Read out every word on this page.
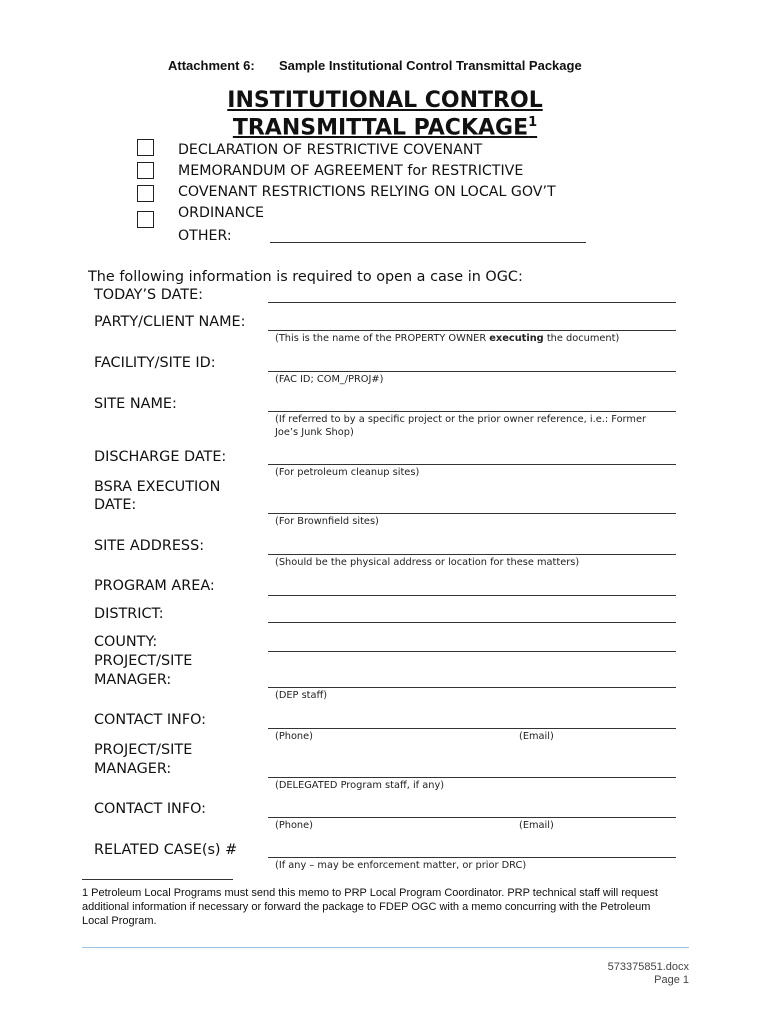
Attachment 6: Sample Institutional Control Transmittal Package
INSTITUTIONAL CONTROL
TRANSMITTAL PACKAGE$^1$
DECLARATION OF RESTRICTIVE COVENANT
MEMORANDUM OF AGREEMENT for RESTRICTIVE
COVENANT RESTRICTIONS RELYING ON LOCAL GOV’T
ORDINANCE
OTHER:
The following information is required to open a case in OGC:
TODAY’S DATE:
PARTY/CLIENT NAME:
(This is the name of the PROPERTY OWNER executing the document)
FACILITY/SITE ID:
(FAC ID; COM_/PROJ#)
SITE NAME:
(If referred to by a specific project or the prior owner reference, i.e.: Former
Joe’s Junk Shop)
DISCHARGE DATE:
(For petroleum cleanup sites)
BSRA EXECUTION
DATE:
(For Brownfield sites)
SITE ADDRESS:
(Should be the physical address or location for these matters)
PROGRAM AREA:
DISTRICT:
COUNTY:
PROJECT/SITE
MANAGER:
(DEP staff)
CONTACT INFO:
(Phone)	(Email)
PROJECT/SITE
MANAGER:
(DELEGATED Program staff, if any)
CONTACT INFO:
(Phone)	(Email)
RELATED CASE(s) #
(If any – may be enforcement matter, or prior DRC)
1 Petroleum Local Programs must send this memo to PRP Local Program Coordinator. PRP technical staff will request
additional information if necessary or forward the package to FDEP OGC with a memo concurring with the Petroleum
Local Program.
573375851.docx
Page 1
